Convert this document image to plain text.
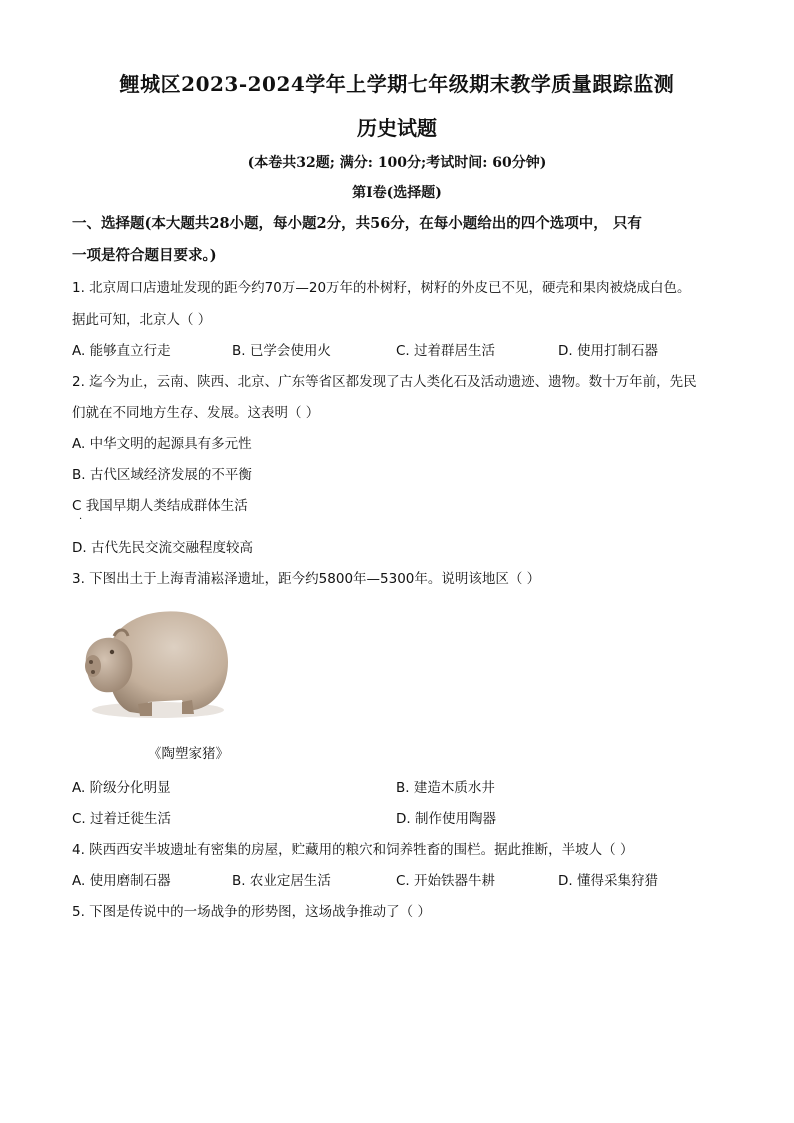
鲤城区2023-2024学年上学期七年级期末教学质量跟踪监测
历史试题
(本卷共32题; 满分: 100分;考试时间: 60分钟)
第Ⅰ卷(选择题)
一、选择题(本大题共28小题，每小题2分，共56分，在每小题给出的四个选项中， 只有
一项是符合题目要求。)
1. 北京周口店遗址发现的距今约70万—20万年的朴树籽，树籽的外皮已不见，硬壳和果肉被烧成白色。
据此可知，北京人（ ）
A. 能够直立行走	B. 已学会使用火	C. 过着群居生活	D. 使用打制石器
2. 迄今为止，云南、陕西、北京、广东等省区都发现了古人类化石及活动遗迹、遗物。数十万年前，先民
们就在不同地方生存、发展。这表明（ ）
A. 中华文明的起源具有多元性
B. 古代区域经济发展的不平衡
C 我国早期人类结成群体生活
·
D. 古代先民交流交融程度较高
3. 下图出土于上海青浦崧泽遗址，距今约5800年—5300年。说明该地区（ ）
《陶塑家猪》
A. 阶级分化明显	B. 建造木质水井
C. 过着迁徙生活	D. 制作使用陶器
4. 陕西西安半坡遗址有密集的房屋，贮藏用的粮穴和饲养牲畜的围栏。据此推断，半坡人（ ）
A. 使用磨制石器	B. 农业定居生活	C. 开始铁器牛耕	D. 懂得采集狩猎
5. 下图是传说中的一场战争的形势图，这场战争推动了（ ）
